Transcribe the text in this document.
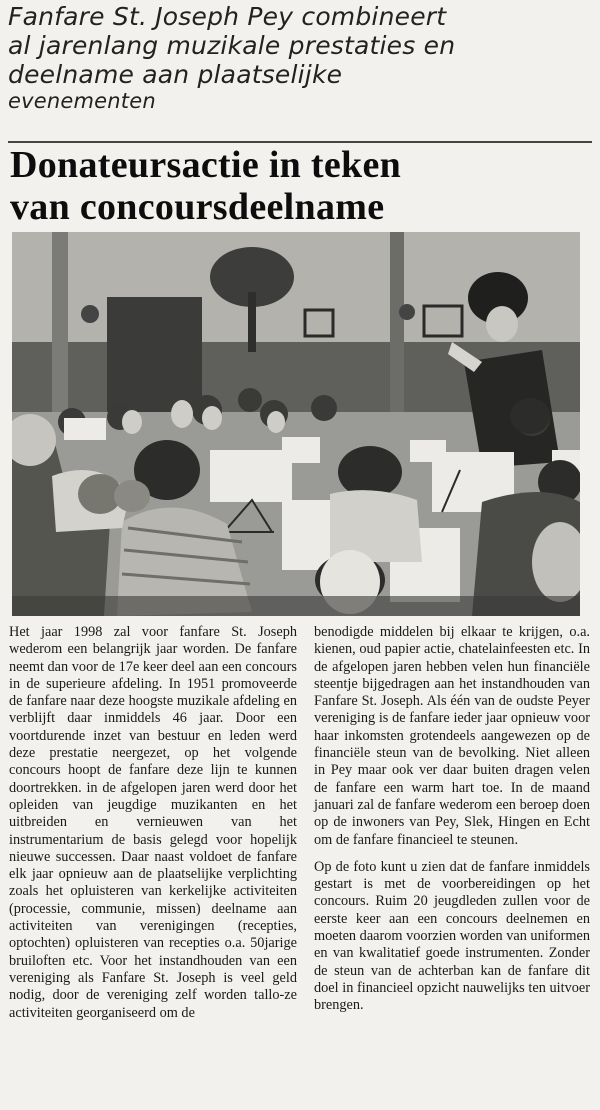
Fanfare St. Joseph Pey combineert
al jarenlang muzikale prestaties en
deelname aan plaatselijke
evenementen
Donateursactie in teken
van concoursdeelname

Het jaar 1998 zal voor fanfare St. Joseph wederom een belangrijk jaar worden. De fanfare neemt dan voor de 17e keer deel aan een concours in de superieure afdeling. In 1951 promoveerde de fanfare naar deze hoogste muzikale afdeling en verblijft daar inmiddels 46 jaar. Door een voortdurende inzet van bestuur en leden werd deze prestatie neergezet, op het volgende concours hoopt de fanfare deze lijn te kunnen doortrekken. in de afgelopen jaren werd door het opleiden van jeugdige muzikanten en het uitbreiden en vernieuwen van het instrumentarium de basis gelegd voor hopelijk nieuwe successen. Daar naast voldoet de fanfare elk jaar opnieuw aan de plaatselijke verplichting zoals het opluisteren van kerkelijke activiteiten (processie, communie, missen) deelname aan activiteiten van verenigingen (recepties, optochten) opluisteren van recepties o.a. 50jarige bruiloften etc. Voor het instandhouden van een vereniging als Fanfare St. Joseph is veel geld nodig, door de vereniging zelf worden tallo-ze activiteiten georganiseerd om de

benodigde middelen bij elkaar te krijgen, o.a. kienen, oud papier actie, chatelainfeesten etc. In de afgelopen jaren hebben velen hun financiële steentje bijgedragen aan het instandhouden van Fanfare St. Joseph. Als één van de oudste Peyer vereniging is de fanfare ieder jaar opnieuw voor haar inkomsten grotendeels aangewezen op de financiële steun van de bevolking. Niet alleen in Pey maar ook ver daar buiten dragen velen de fanfare een warm hart toe. In de maand januari zal de fanfare wederom een beroep doen op de inwoners van Pey, Slek, Hingen en Echt om de fanfare financieel te steunen.

Op de foto kunt u zien dat de fanfare inmiddels gestart is met de voorbereidingen op het concours. Ruim 20 jeugdleden zullen voor de eerste keer aan een concours deelnemen en moeten daarom voorzien worden van uniformen en van kwalitatief goede instrumenten. Zonder de steun van de achterban kan de fanfare dit doel in financieel opzicht nauwelijks ten uitvoer brengen.
